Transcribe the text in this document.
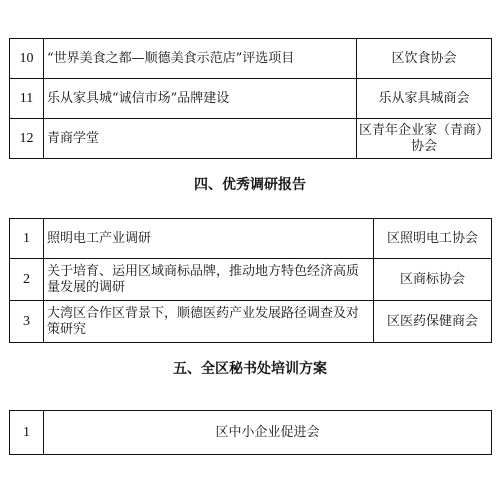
10	“世界美食之都—顺德美食示范店”评选项目	区饮食协会
11	乐从家具城“诚信市场”品牌建设	乐从家具城商会
12	青商学堂	区青年企业家（青商）协会
四、优秀调研报告
1	照明电工产业调研	区照明电工协会
2	关于培育、运用区域商标品牌，推动地方特色经济高质量发展的调研	区商标协会
3	大湾区合作区背景下，顺德医药产业发展路径调查及对策研究	区医药保健商会
五、全区秘书处培训方案
1	区中小企业促进会
